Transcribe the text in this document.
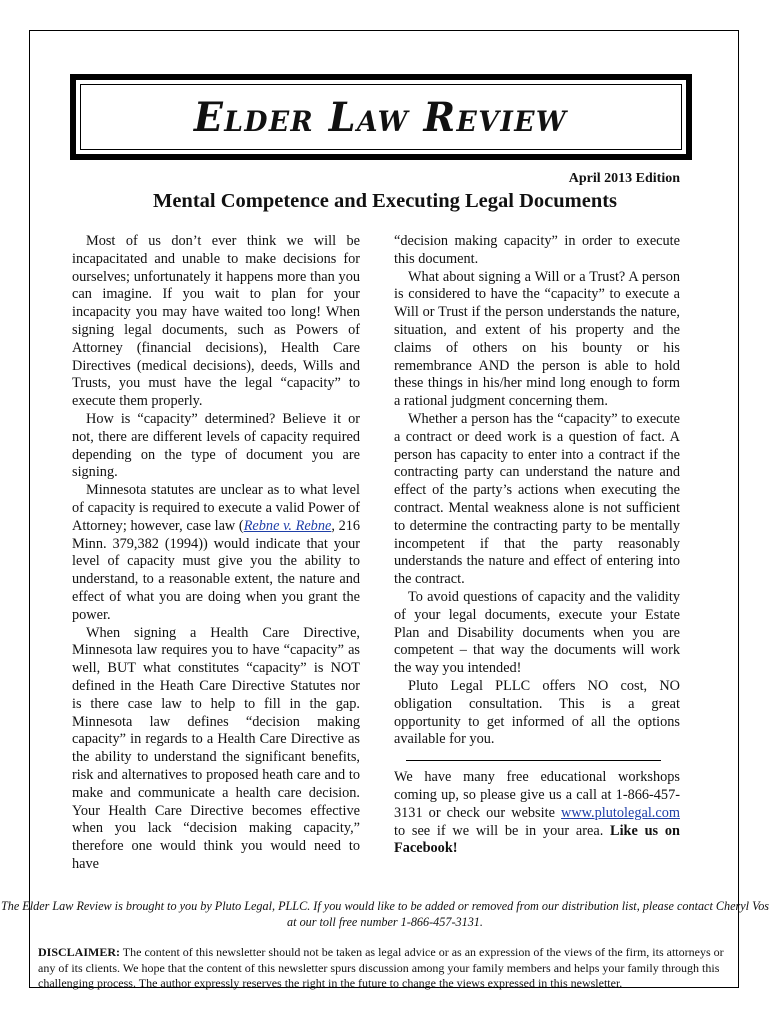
Elder Law Review
April 2013 Edition
Mental Competence and Executing Legal Documents

Most of us don’t ever think we will be incapacitated and unable to make decisions for ourselves; unfortunately it happens more than you can imagine. If you wait to plan for your incapacity you may have waited too long! When signing legal documents, such as Powers of Attorney (financial decisions), Health Care Directives (medical decisions), deeds, Wills and Trusts, you must have the legal “capacity” to execute them properly.

How is “capacity” determined? Believe it or not, there are different levels of capacity required depending on the type of document you are signing.

Minnesota statutes are unclear as to what level of capacity is required to execute a valid Power of Attorney; however, case law (Rebne v. Rebne, 216 Minn. 379,382 (1994)) would indicate that your level of capacity must give you the ability to understand, to a reasonable extent, the nature and effect of what you are doing when you grant the power.

When signing a Health Care Directive, Minnesota law requires you to have “capacity” as well, BUT what constitutes “capacity” is NOT defined in the Heath Care Directive Statutes nor is there case law to help to fill in the gap. Minnesota law defines “decision making capacity” in regards to a Health Care Directive as the ability to understand the significant benefits, risk and alternatives to proposed heath care and to make and communicate a health care decision. Your Health Care Directive becomes effective when you lack “decision making capacity,” therefore one would think you would need to have

“decision making capacity” in order to execute this document.

What about signing a Will or a Trust? A person is considered to have the “capacity” to execute a Will or Trust if the person understands the nature, situation, and extent of his property and the claims of others on his bounty or his remembrance AND the person is able to hold these things in his/her mind long enough to form a rational judgment concerning them.

Whether a person has the “capacity” to execute a contract or deed work is a question of fact. A person has capacity to enter into a contract if the contracting party can understand the nature and effect of the party’s actions when executing the contract. Mental weakness alone is not sufficient to determine the contracting party to be mentally incompetent if that the party reasonably understands the nature and effect of entering into the contract.

To avoid questions of capacity and the validity of your legal documents, execute your Estate Plan and Disability documents when you are competent – that way the documents will work the way you intended!

Pluto Legal PLLC offers NO cost, NO obligation consultation. This is a great opportunity to get informed of all the options available for you.

We have many free educational workshops coming up, so please give us a call at 1-866-457-3131 or check our website www.plutolegal.com to see if we will be in your area. Like us on Facebook!

The Elder Law Review is brought to you by Pluto Legal, PLLC. If you would like to be added or removed from our distribution list, please contact Cheryl Vos at our toll free number 1-866-457-3131.
DISCLAIMER: The content of this newsletter should not be taken as legal advice or as an expression of the views of the firm, its attorneys or any of its clients. We hope that the content of this newsletter spurs discussion among your family members and helps your family through this challenging process. The author expressly reserves the right in the future to change the views expressed in this newsletter.
